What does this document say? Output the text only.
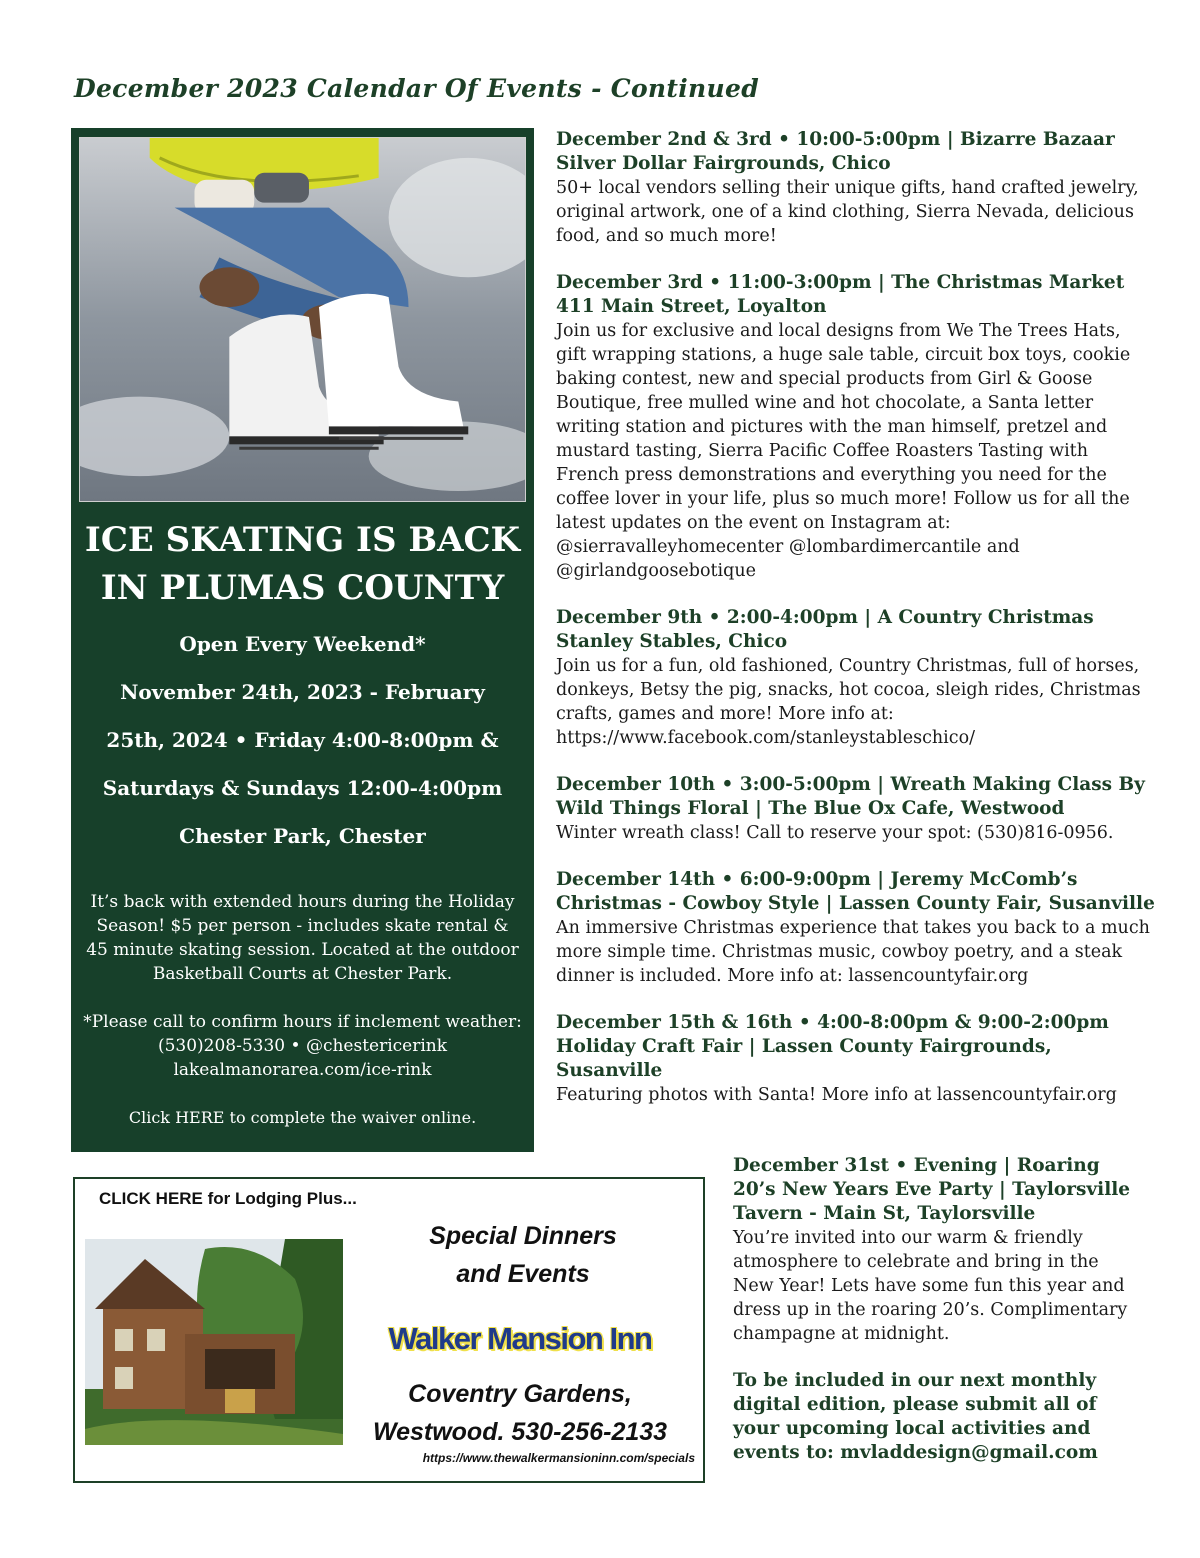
December 2023 Calendar Of Events - Continued
ICE SKATING IS BACK
IN PLUMAS COUNTY
Open Every Weekend*
November 24th, 2023 - February
25th, 2024 • Friday 4:00-8:00pm &
Saturdays & Sundays 12:00-4:00pm
Chester Park, Chester

It’s back with extended hours during the Holiday Season! $5 per person - includes skate rental & 45 minute skating session. Located at the outdoor Basketball Courts at Chester Park.

*Please call to confirm hours if inclement weather:
(530)208-5330 • @chestericerink
lakealmanorarea.com/ice-rink

Click HERE to complete the waiver online.

December 2nd & 3rd • 10:00-5:00pm | Bizarre Bazaar Silver Dollar Fairgrounds, Chico
50+ local vendors selling their unique gifts, hand crafted jewelry, original artwork, one of a kind clothing, Sierra Nevada, delicious food, and so much more!
December 3rd • 11:00-3:00pm | The Christmas Market 411 Main Street, Loyalton
Join us for exclusive and local designs from We The Trees Hats, gift wrapping stations, a huge sale table, circuit box toys, cookie baking contest, new and special products from Girl & Goose Boutique, free mulled wine and hot chocolate, a Santa letter writing station and pictures with the man himself, pretzel and mustard tasting, Sierra Pacific Coffee Roasters Tasting with French press demonstrations and everything you need for the coffee lover in your life, plus so much more! Follow us for all the latest updates on the event on Instagram at: @sierravalleyhomecenter @lombardimercantile and @girlandgoosebotique
December 9th • 2:00-4:00pm | A Country Christmas Stanley Stables, Chico
Join us for a fun, old fashioned, Country Christmas, full of horses, donkeys, Betsy the pig, snacks, hot cocoa, sleigh rides, Christmas crafts, games and more! More info at: https://www.facebook.com/stanleystableschico/
December 10th • 3:00-5:00pm | Wreath Making Class By Wild Things Floral | The Blue Ox Cafe, Westwood
Winter wreath class! Call to reserve your spot: (530)816-0956.
December 14th • 6:00-9:00pm | Jeremy McComb’s Christmas - Cowboy Style | Lassen County Fair, Susanville
An immersive Christmas experience that takes you back to a much more simple time. Christmas music, cowboy poetry, and a steak dinner is included. More info at: lassencountyfair.org
December 15th & 16th • 4:00-8:00pm & 9:00-2:00pm Holiday Craft Fair | Lassen County Fairgrounds, Susanville
Featuring photos with Santa! More info at lassencountyfair.org
December 31st • Evening | Roaring 20’s New Years Eve Party | Taylorsville Tavern - Main St, Taylorsville
You’re invited into our warm & friendly atmosphere to celebrate and bring in the New Year! Lets have some fun this year and dress up in the roaring 20’s. Complimentary champagne at midnight.
To be included in our next monthly digital edition, please submit all of your upcoming local activities and events to: mvladdesign@gmail.com
CLICK HERE for Lodging Plus...
Special Dinners
and Events
Walker Mansion Inn
Coventry Gardens,
Westwood. 530-256-2133
https://www.thewalkermansioninn.com/specials
